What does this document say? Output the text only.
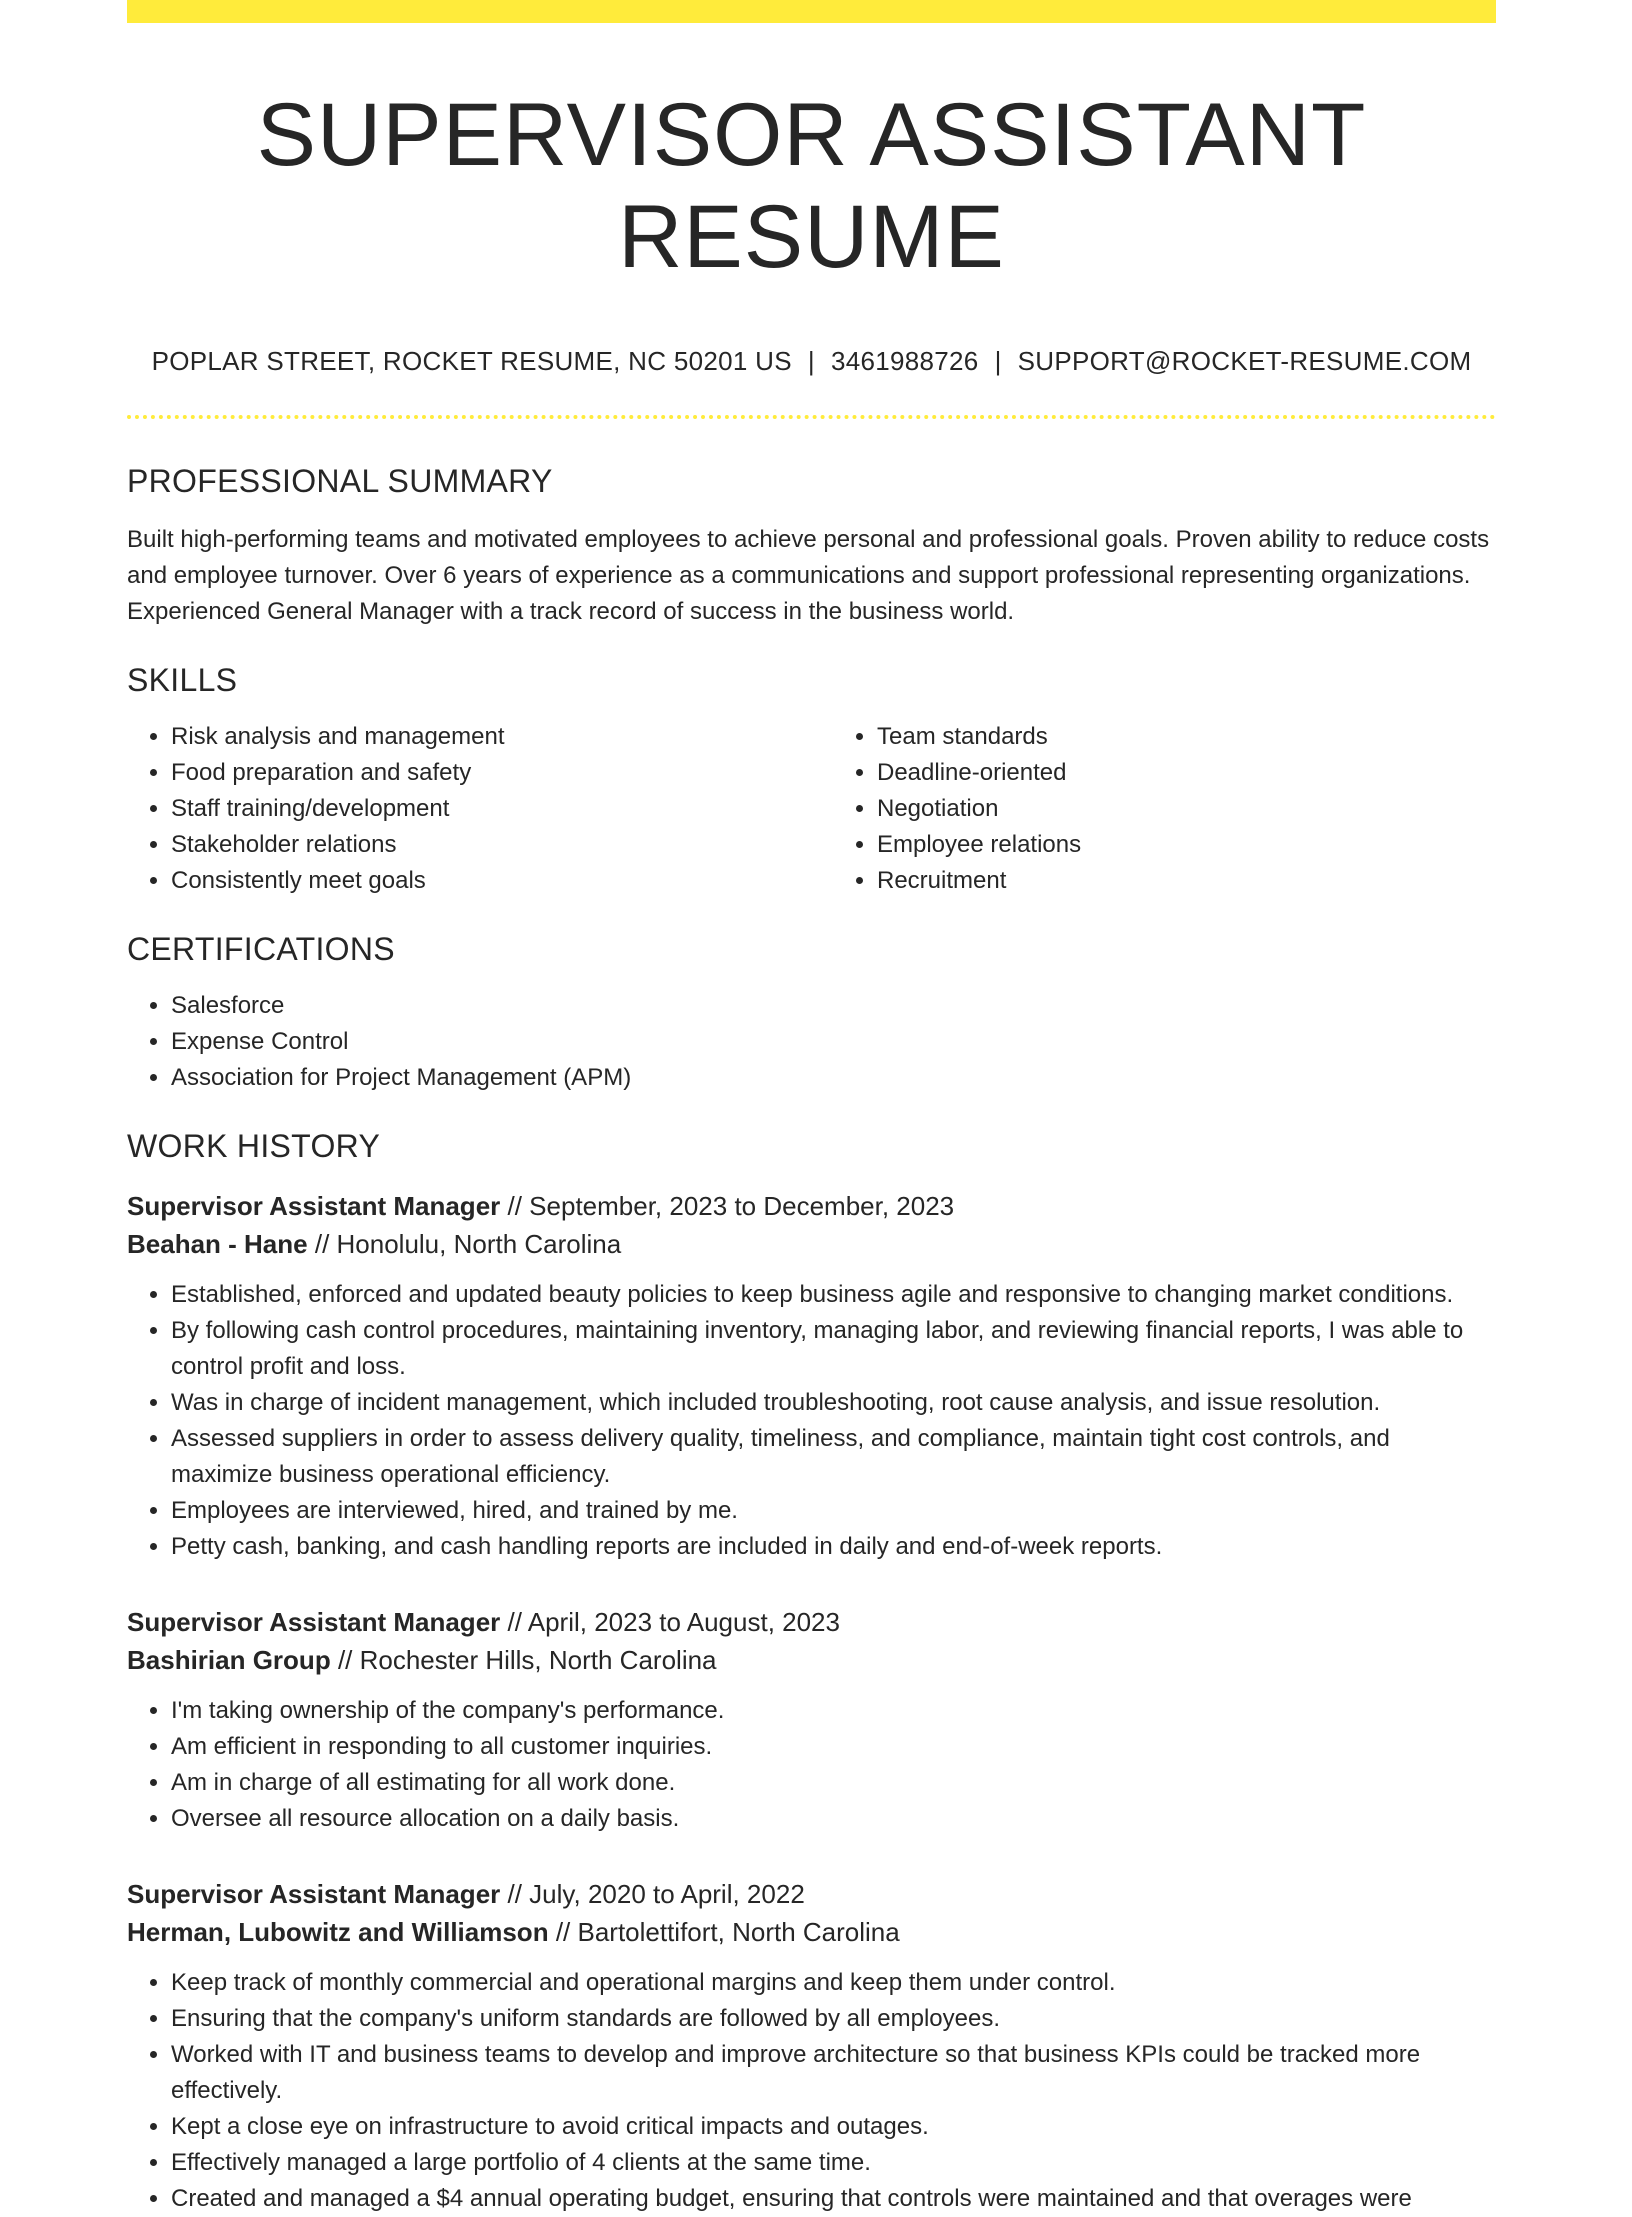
SUPERVISOR ASSISTANT RESUME
POPLAR STREET, ROCKET RESUME, NC 50201 US | 3461988726 | SUPPORT@ROCKET-RESUME.COM
PROFESSIONAL SUMMARY

Built high-performing teams and motivated employees to achieve personal and professional goals. Proven ability to reduce costs and employee turnover. Over 6 years of experience as a communications and support professional representing organizations. Experienced General Manager with a track record of success in the business world.

SKILLS
• Risk analysis and management
• Food preparation and safety
• Staff training/development
• Stakeholder relations
• Consistently meet goals
• Team standards
• Deadline-oriented
• Negotiation
• Employee relations
• Recruitment
CERTIFICATIONS
• Salesforce
• Expense Control
• Association for Project Management (APM)
WORK HISTORY
Supervisor Assistant Manager // September, 2023 to December, 2023
Beahan - Hane // Honolulu, North Carolina
• Established, enforced and updated beauty policies to keep business agile and responsive to changing market conditions.
• By following cash control procedures, maintaining inventory, managing labor, and reviewing financial reports, I was able to control profit and loss.
• Was in charge of incident management, which included troubleshooting, root cause analysis, and issue resolution.
• Assessed suppliers in order to assess delivery quality, timeliness, and compliance, maintain tight cost controls, and maximize business operational efficiency.
• Employees are interviewed, hired, and trained by me.
• Petty cash, banking, and cash handling reports are included in daily and end-of-week reports.
Supervisor Assistant Manager // April, 2023 to August, 2023
Bashirian Group // Rochester Hills, North Carolina
• I'm taking ownership of the company's performance.
• Am efficient in responding to all customer inquiries.
• Am in charge of all estimating for all work done.
• Oversee all resource allocation on a daily basis.
Supervisor Assistant Manager // July, 2020 to April, 2022
Herman, Lubowitz and Williamson // Bartolettifort, North Carolina
• Keep track of monthly commercial and operational margins and keep them under control.
• Ensuring that the company's uniform standards are followed by all employees.
• Worked with IT and business teams to develop and improve architecture so that business KPIs could be tracked more effectively.
• Kept a close eye on infrastructure to avoid critical impacts and outages.
• Effectively managed a large portfolio of 4 clients at the same time.
• Created and managed a $4 annual operating budget, ensuring that controls were maintained and that overages were
